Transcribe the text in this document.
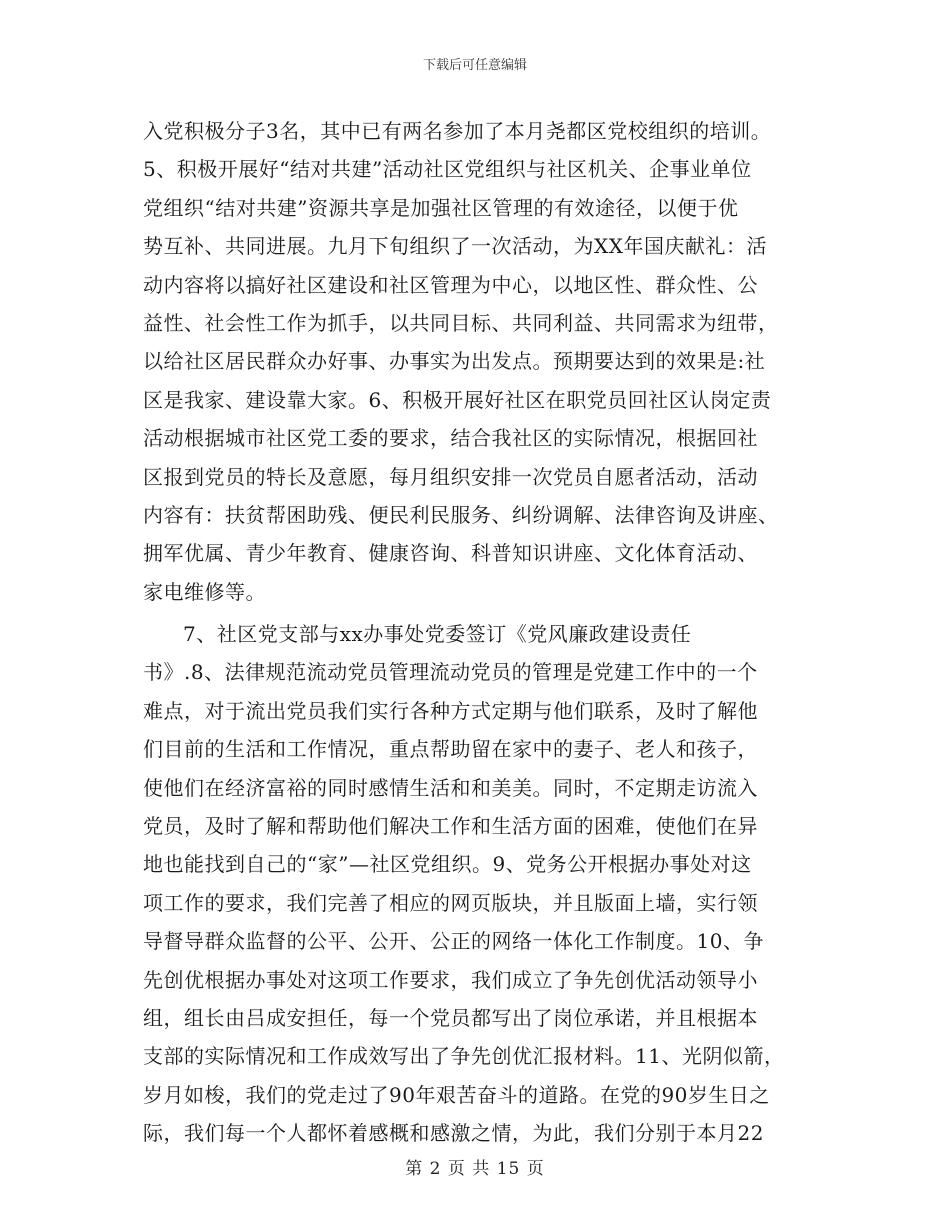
下载后可任意编辑
入党积极分子3名，其中已有两名参加了本月尧都区党校组织的培训。
5、积极开展好“结对共建”活动社区党组织与社区机关、企事业单位
党组织“结对共建”资源共享是加强社区管理的有效途径，以便于优
势互补、共同进展。九月下旬组织了一次活动，为XX年国庆献礼：活
动内容将以搞好社区建设和社区管理为中心，以地区性、群众性、公
益性、社会性工作为抓手，以共同目标、共同利益、共同需求为纽带，
以给社区居民群众办好事、办事实为出发点。预期要达到的效果是:社
区是我家、建设靠大家。6、积极开展好社区在职党员回社区认岗定责
活动根据城市社区党工委的要求，结合我社区的实际情况，根据回社
区报到党员的特长及意愿，每月组织安排一次党员自愿者活动，活动
内容有：扶贫帮困助残、便民利民服务、纠纷调解、法律咨询及讲座、
拥军优属、青少年教育、健康咨询、科普知识讲座、文化体育活动、
家电维修等。
7、社区党支部与xx办事处党委签订《党风廉政建设责任
书》.8、法律规范流动党员管理流动党员的管理是党建工作中的一个
难点，对于流出党员我们实行各种方式定期与他们联系，及时了解他
们目前的生活和工作情况，重点帮助留在家中的妻子、老人和孩子，
使他们在经济富裕的同时感情生活和和美美。同时，不定期走访流入
党员，及时了解和帮助他们解决工作和生活方面的困难，使他们在异
地也能找到自己的“家”—社区党组织。9、党务公开根据办事处对这
项工作的要求，我们完善了相应的网页版块，并且版面上墙，实行领
导督导群众监督的公平、公开、公正的网络一体化工作制度。10、争
先创优根据办事处对这项工作要求，我们成立了争先创优活动领导小
组，组长由吕成安担任，每一个党员都写出了岗位承诺，并且根据本
支部的实际情况和工作成效写出了争先创优汇报材料。11、光阴似箭，
岁月如梭，我们的党走过了90年艰苦奋斗的道路。在党的90岁生日之
际，我们每一个人都怀着感概和感激之情，为此，我们分别于本月22
第 2 页 共 15 页
